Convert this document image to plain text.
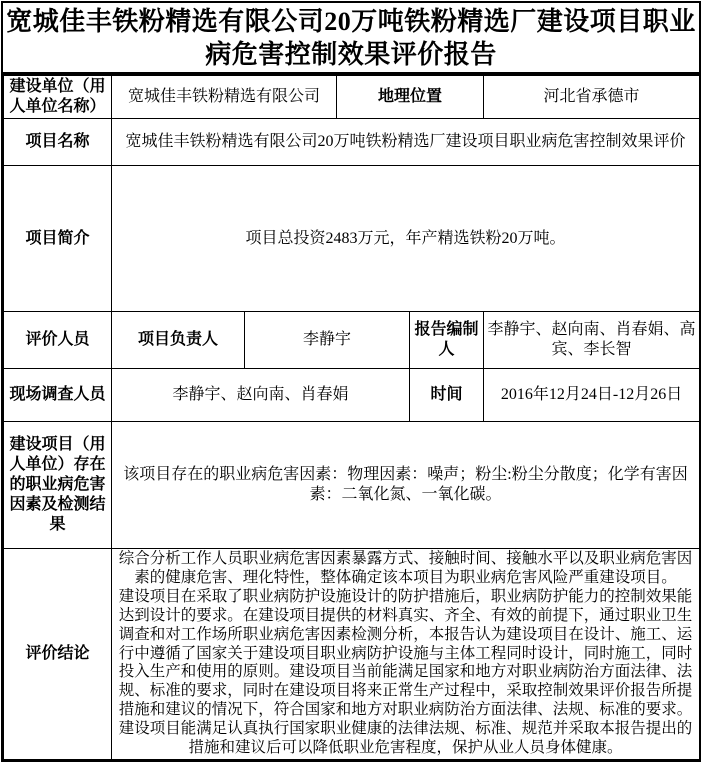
宽城佳丰铁粉精选有限公司20万吨铁粉精选厂建设项目职业病危害控制效果评价报告
建设单位（用人单位名称）	宽城佳丰铁粉精选有限公司		地理位置		河北省承德市
项目名称	宽城佳丰铁粉精选有限公司20万吨铁粉精选厂建设项目职业病危害控制效果评价				
项目简介	项目总投资2483万元，年产精选铁粉20万吨。				
评价人员	项目负责人	李静宇		报告编制人	李静宇、赵向南、肖春娟、高宾、李长智
现场调查人员	李静宇、赵向南、肖春娟			时间	2016年12月24日-12月26日
建设项目（用人单位）存在的职业病危害因素及检测结果	该项目存在的职业病危害因素：物理因素：噪声；粉尘:粉尘分散度；化学有害因素：二氧化氮、一氧化碳。				
评价结论	综合分析工作人员职业病危害因素暴露方式、接触时间、接触水平以及职业病危害因素的健康危害、理化特性，整体确定该本项目为职业病危害风险严重建设项目。
建设项目在采取了职业病防护设施设计的防护措施后，职业病防护能力的控制效果能达到设计的要求。在建设项目提供的材料真实、齐全、有效的前提下，通过职业卫生调查和对工作场所职业病危害因素检测分析，本报告认为建设项目在设计、施工、运行中遵循了国家关于建设项目职业病防护设施与主体工程同时设计，同时施工，同时投入生产和使用的原则。建设项目当前能满足国家和地方对职业病防治方面法律、法规、标准的要求，同时在建设项目将来正常生产过程中，采取控制效果评价报告所提措施和建议的情况下，符合国家和地方对职业病防治方面法律、法规、标准的要求。
建设项目能满足认真执行国家职业健康的法律法规、标准、规范并采取本报告提出的措施和建议后可以降低职业危害程度，保护从业人员身体健康。				
